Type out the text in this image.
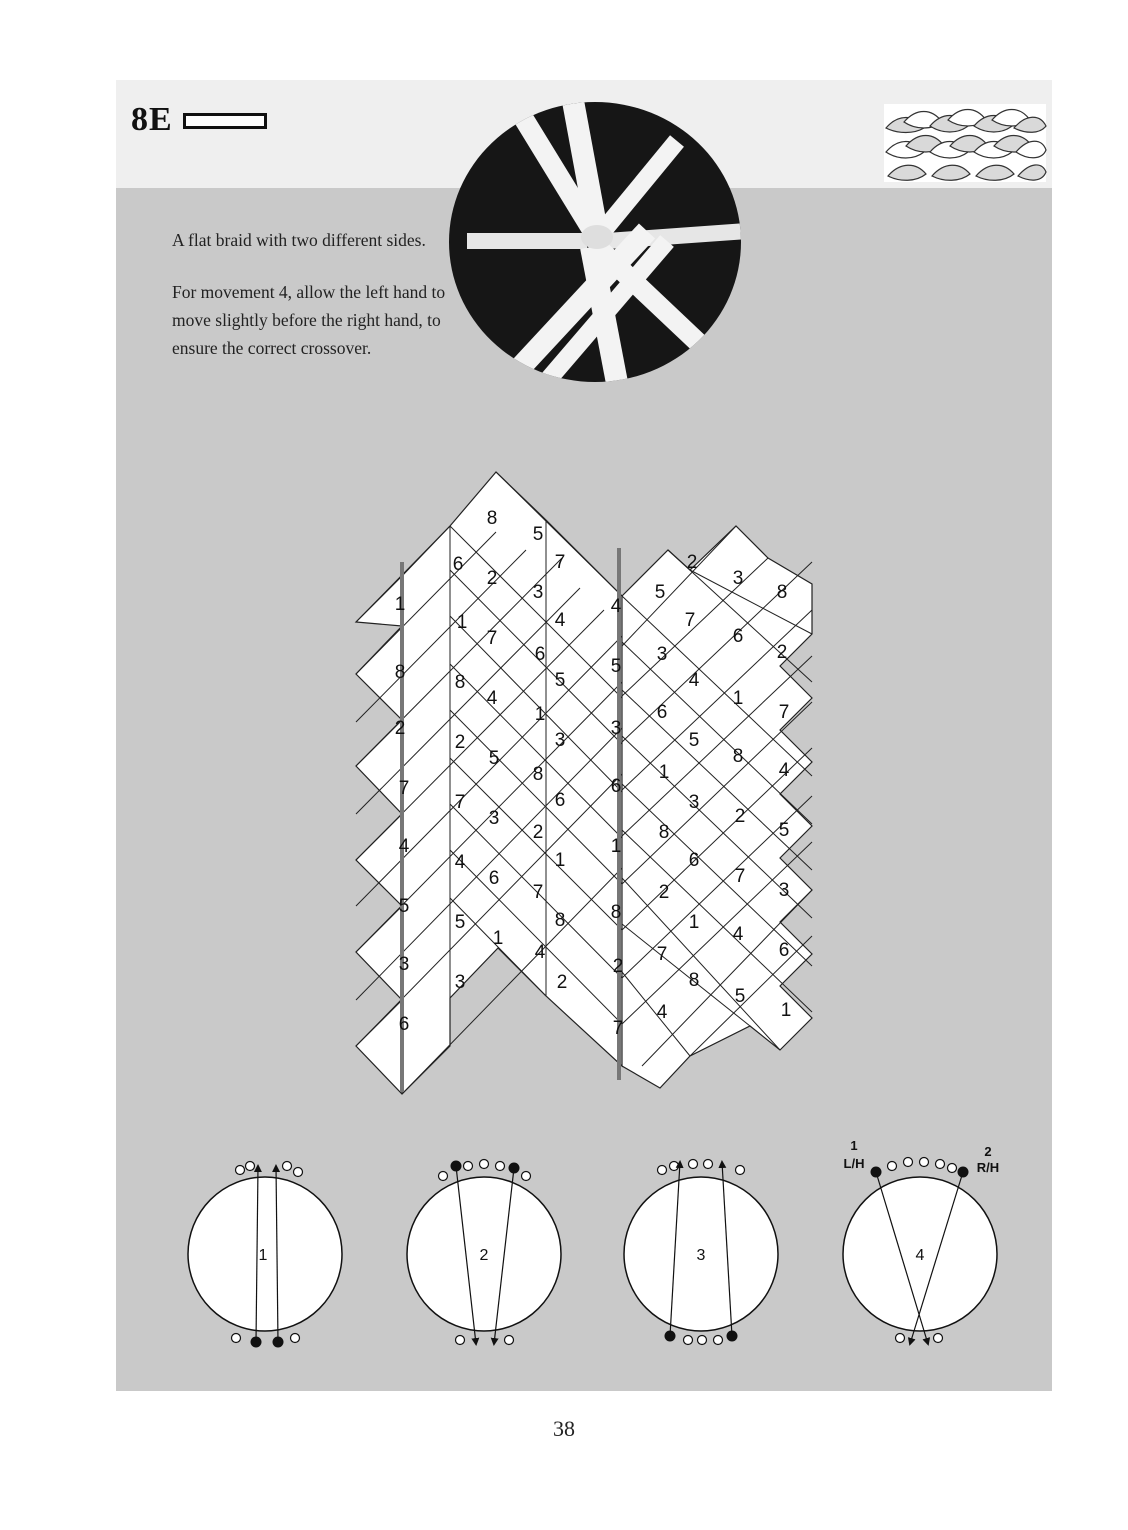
8E

A flat braid with two different sides.

For movement 4, allow the left hand to move slightly before the right hand, to ensure the correct crossover.

1
8
2
7
4
5
3
6
6
1
8
2
7
4
5
3
8
2
7
4
5
3
6
1
5
3
6
1
8
2
7
4
7
4
5
3
6
1
8
2
4
5
3
6
1
8
2
7
5
3
6
1
8
2
7
4
2
7
4
5
3
6
1
8
3
6
1
8
2
7
4
5
8
2
7
4
5
3
6
1
1	2	3	4
1
L/H
2
R/H
38
